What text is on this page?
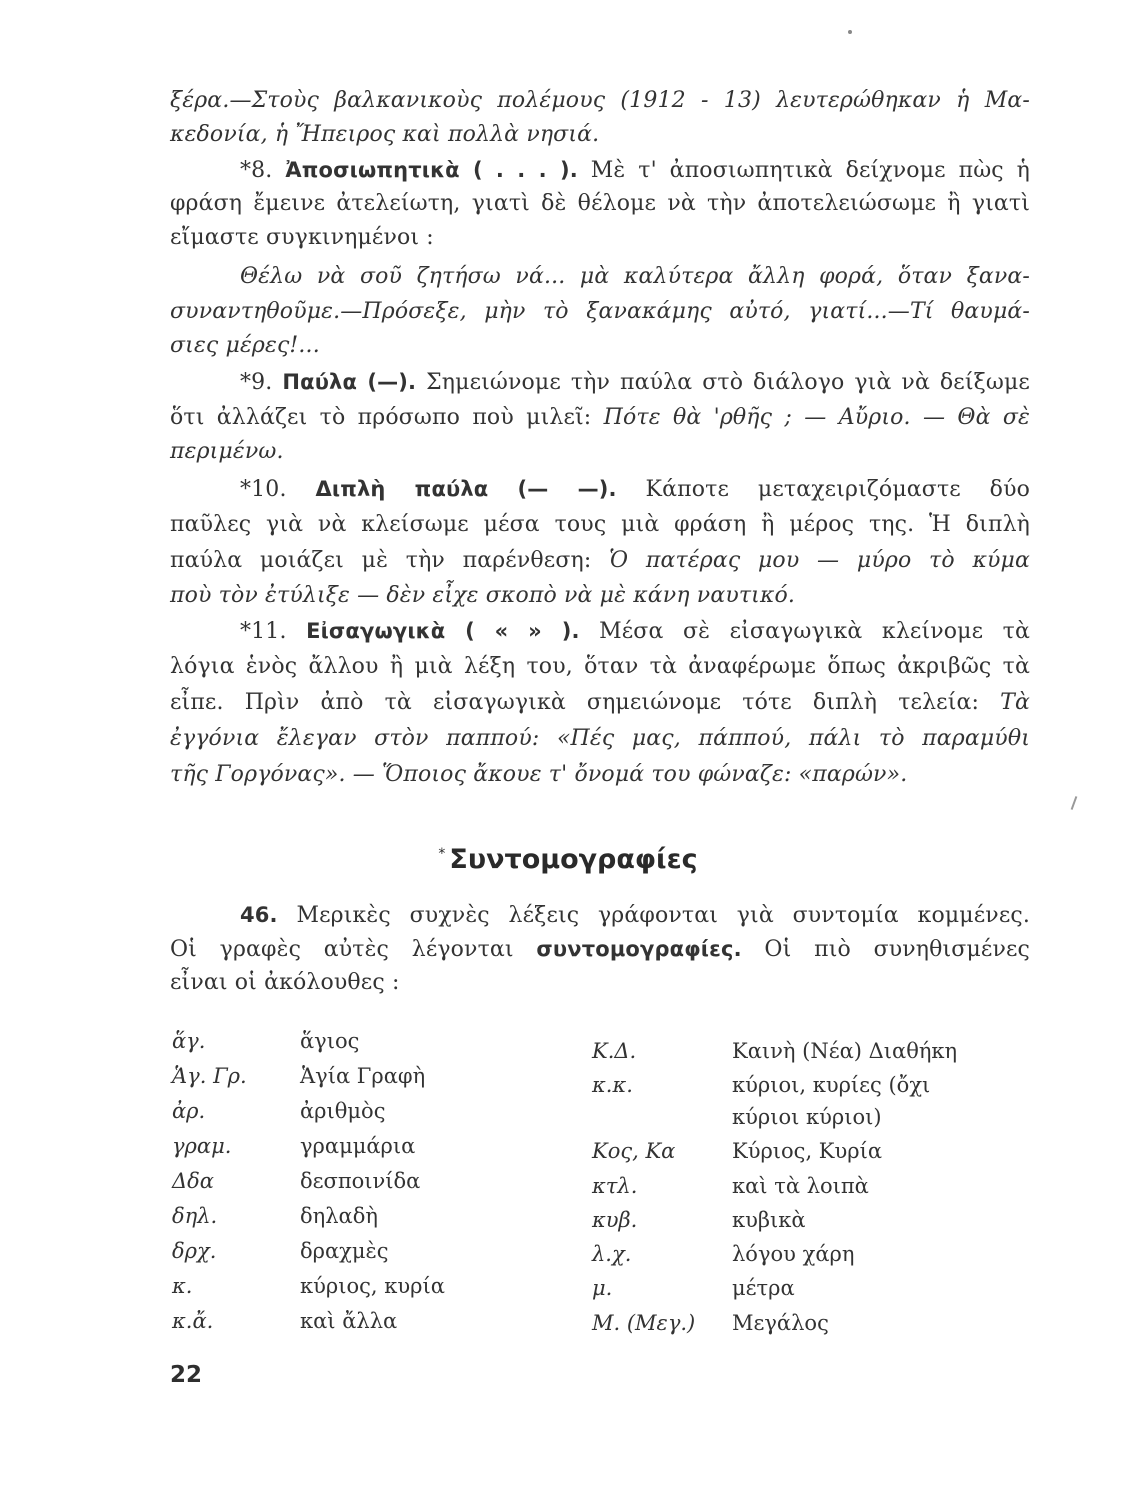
ξέρα.—Στοὺς βαλκανικοὺς πολέμους (1912 - 13) λευτερώθηκαν ἡ Μα-
κεδονία, ἡ Ἤπειρος καὶ πολλὰ νησιά.
*8. Ἀποσιωπητικὰ ( . . . ). Μὲ τ' ἀποσιωπητικὰ δείχνομε πὼς ἡ
φράση ἔμεινε ἀτελείωτη, γιατὶ δὲ θέλομε νὰ τὴν ἀποτελειώσωμε ἢ γιατὶ
εἴμαστε συγκινημένοι :
Θέλω νὰ σοῦ ζητήσω νά... μὰ καλύτερα ἄλλη φορά, ὅταν ξανα-
συναντηθοῦμε.—Πρόσεξε, μὴν τὸ ξανακάμης αὐτό, γιατί...—Τί θαυμά-
σιες μέρες!...
*9. Παύλα (—). Σημειώνομε τὴν παύλα στὸ διάλογο γιὰ νὰ δείξωμε
ὅτι ἀλλάζει τὸ πρόσωπο ποὺ μιλεῖ: Πότε θὰ 'ρθῆς ; — Αὔριο. — Θὰ σὲ
περιμένω.
*10. Διπλὴ παύλα (— —). Κάποτε μεταχειριζόμαστε δύο
παῦλες γιὰ νὰ κλείσωμε μέσα τους μιὰ φράση ἢ μέρος της. Ἡ διπλὴ
παύλα μοιάζει μὲ τὴν παρένθεση: Ὁ πατέρας μου — μύρο τὸ κύμα
ποὺ τὸν ἐτύλιξε — δὲν εἶχε σκοπὸ νὰ μὲ κάνη ναυτικό.
*11. Εἰσαγωγικὰ ( « » ). Μέσα σὲ εἰσαγωγικὰ κλείνομε τὰ
λόγια ἑνὸς ἄλλου ἢ μιὰ λέξη του, ὅταν τὰ ἀναφέρωμε ὅπως ἀκριβῶς τὰ
εἶπε. Πρὶν ἀπὸ τὰ εἰσαγωγικὰ σημειώνομε τότε διπλὴ τελεία: Τὰ
ἐγγόνια ἔλεγαν στὸν παππού: «Πές μας, πάππού, πάλι τὸ παραμύθι
τῆς Γοργόνας». — Ὅποιος ἄκουε τ' ὄνομά του φώναζε: «παρών».
* Συντομογραφίες
46. Μερικὲς συχνὲς λέξεις γράφονται γιὰ συντομία κομμένες.
Οἱ γραφὲς αὐτὲς λέγονται συντομογραφίες. Οἱ πιὸ συνηθισμένες
εἶναι οἱ ἀκόλουθες :
ἅγ.	ἅγιος
Ἁγ. Γρ.	Ἁγία Γραφὴ
ἀρ.	ἀριθμὸς
γραμ.	γραμμάρια
Δδα	δεσποινίδα
δηλ.	δηλαδὴ
δρχ.	δραχμὲς
κ.	κύριος, κυρία
κ.ἄ.	καὶ ἄλλα
Κ.Δ.	Καινὴ (Νέα) Διαθήκη
κ.κ.	κύριοι, κυρίες (ὄχι
κύριοι κύριοι)
Κος, Κα	Κύριος, Κυρία
κτλ.	καὶ τὰ λοιπὰ
κυβ.	κυβικὰ
λ.χ.	λόγου χάρη
μ.	μέτρα
Μ. (Μεγ.) Μεγάλος
22
